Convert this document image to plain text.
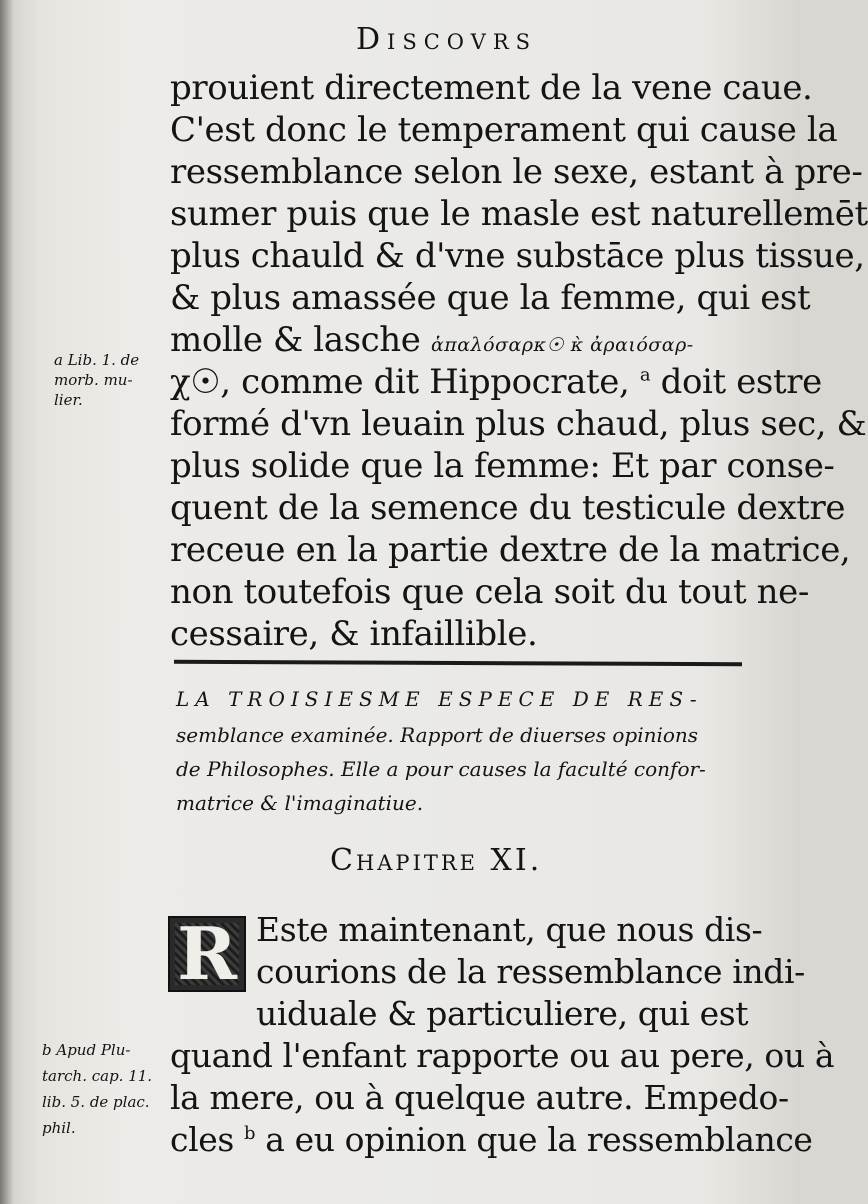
Discovrs
prouient directement de la vene caue.
C'est donc le temperament qui cause la
ressemblance selon le sexe, estant à pre-
sumer puis que le masle est naturellemēt
plus chauld & d'vne substāce plus tissue,
& plus amassée que la femme, qui est
molle & lasche ἁπαλόσαρκ☉ κ̀ ἀραιόσαρ-
χ☉, comme dit Hippocrate, $^a$ doit estre
formé d'vn leuain plus chaud, plus sec, &
plus solide que la femme: Et par conse-
quent de la semence du testicule dextre
receue en la partie dextre de la matrice,
non toutefois que cela soit du tout ne-
cessaire, & infaillible.
a Lib. 1. de
morb. mu-
lier.
LA TROISIESME ESPECE DE RES-
semblance examinée. Rapport de diuerses opinions
de Philosophes. Elle a pour causes la faculté confor-
matrice & l'imaginatiue.
Chapitre XI.
R Este maintenant, que nous dis-
courions de la ressemblance indi-
uiduale & particuliere, qui est
quand l'enfant rapporte ou au pere, ou à
la mere, ou à quelque autre. Empedo-
cles $^b$ a eu opinion que la ressemblance
b Apud Plu-
tarch. cap. 11.
lib. 5. de plac.
phil.
